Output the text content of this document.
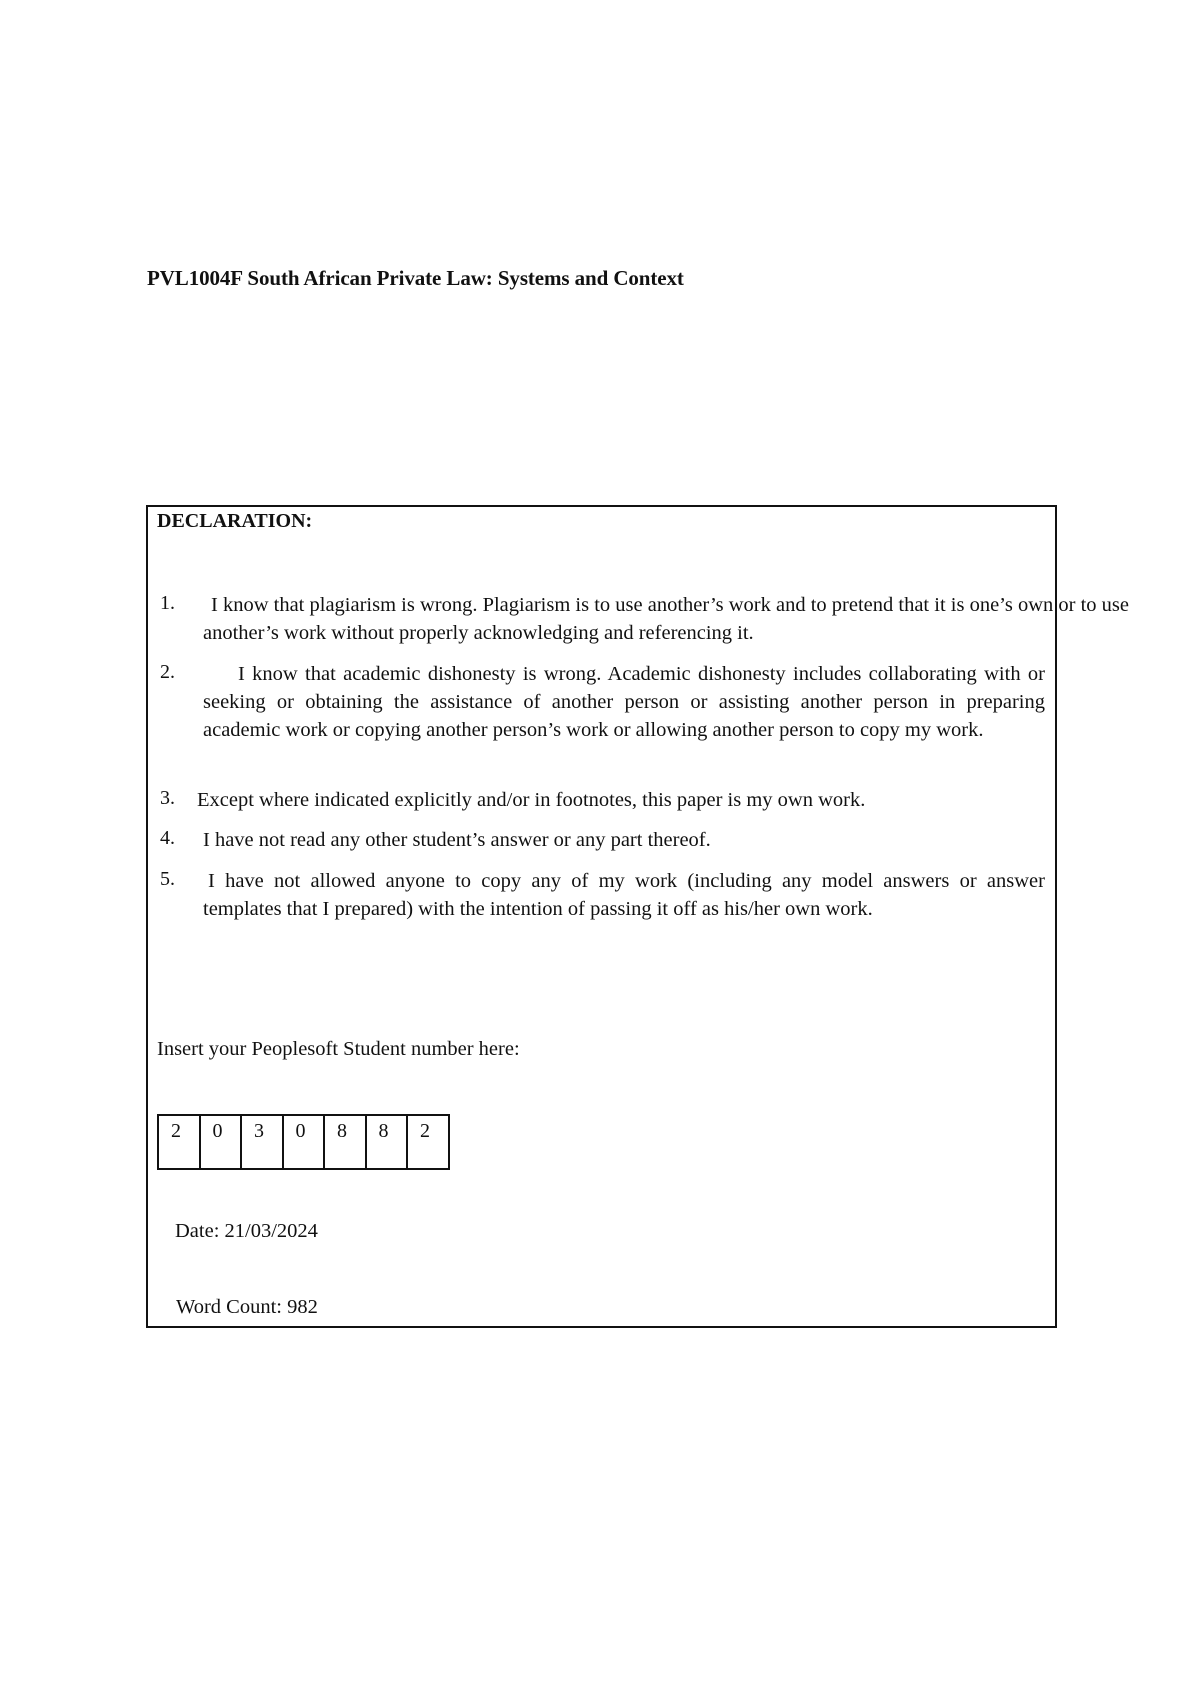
PVL1004F South African Private Law: Systems and Context
DECLARATION:
1.	I know that plagiarism is wrong. Plagiarism is to use another’s work and to pretend that it is one’s own or to use another’s work without properly acknowledging and referencing it.
2.	I know that academic dishonesty is wrong. Academic dishonesty includes collaborating with or seeking or obtaining the assistance of another person or assisting another person in preparing academic work or copying another person’s work or allowing another person to copy my work.
3. Except where indicated explicitly and/or in footnotes, this paper is my own work.
4. I have not read any other student’s answer or any part thereof.
5. I have not allowed anyone to copy any of my work (including any model answers or answer templates that I prepared) with the intention of passing it off as his/her own work.
Insert your Peoplesoft Student number here:
2	0	3	0	8	8	2
Date: 21/03/2024
Word Count: 982
